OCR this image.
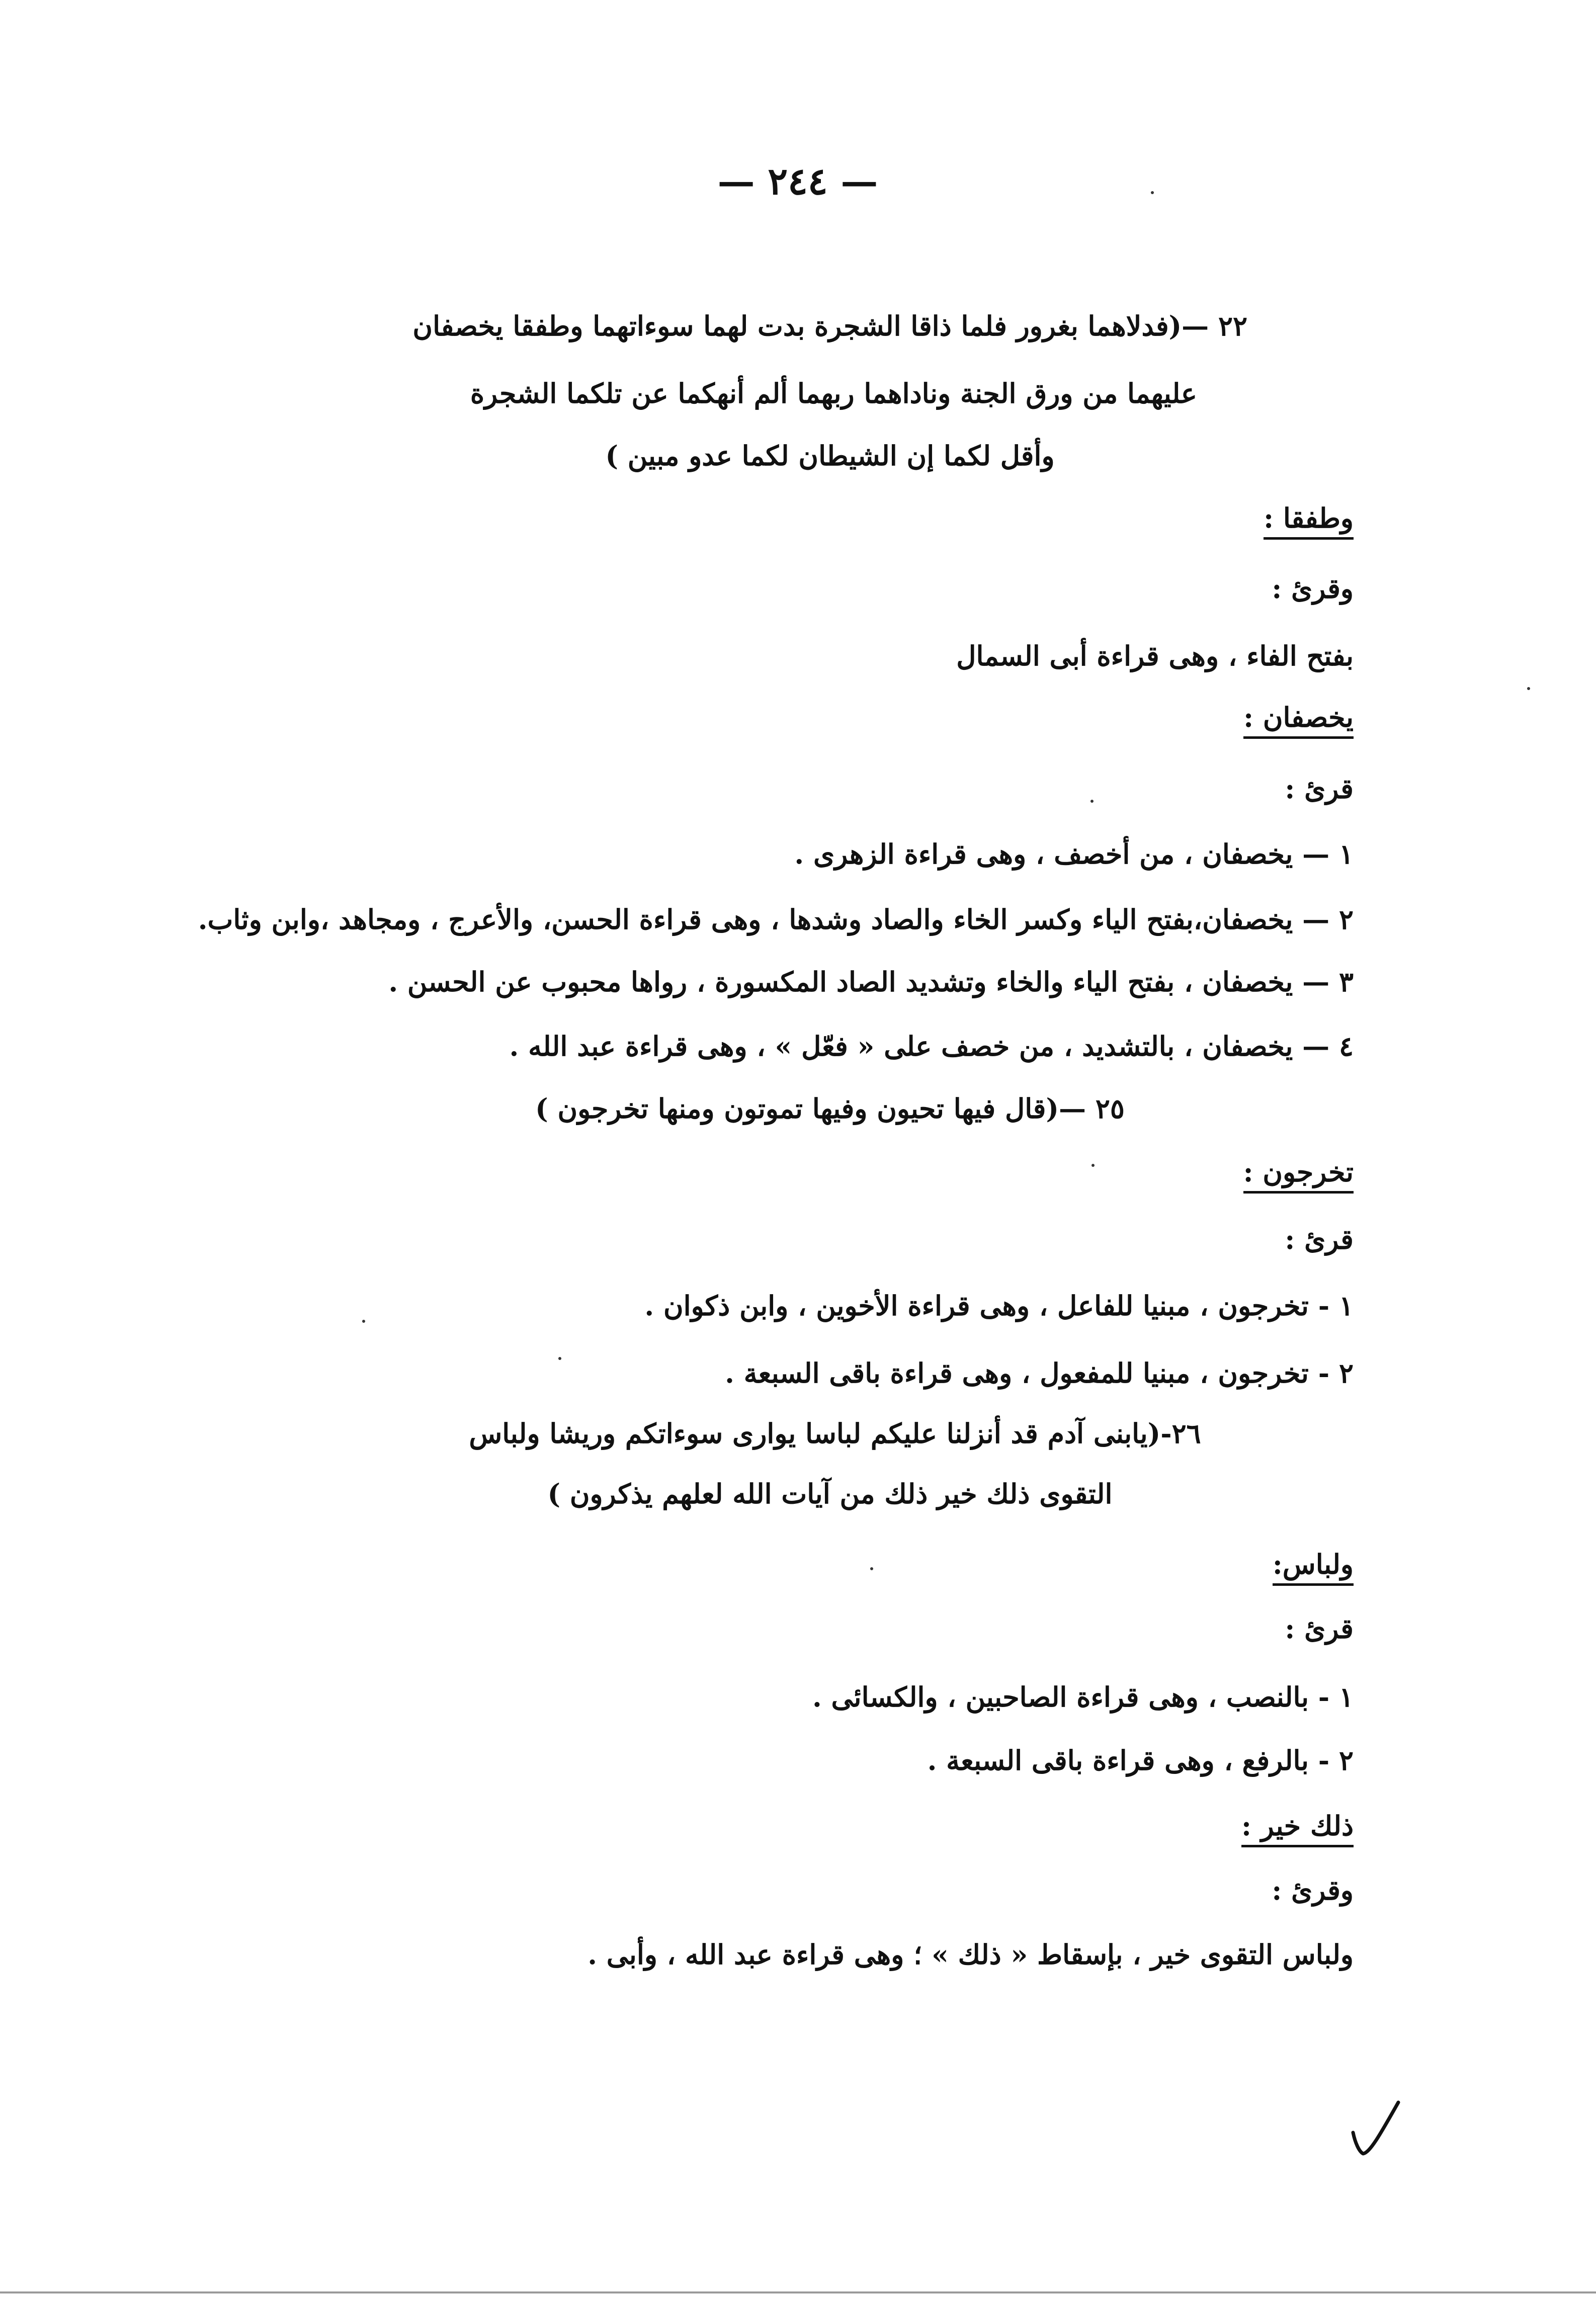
— ٢٤٤ —
٢٢ —(فدلاهما بغرور فلما ذاقا الشجرة بدت لهما سوءاتهما وطفقا يخصفان
عليهما من ورق الجنة وناداهما ربهما ألم أنهكما عن تلكما الشجرة
وأقل لكما إن الشيطان لكما عدو مبين )
وطفقا :
وقرئ :
بفتح الفاء ، وهى قراءة أبى السمال
يخصفان :
قرئ :
١ — يخصفان ، من أخصف ، وهى قراءة الزهرى .
٢ — يخصفان،بفتح الياء وكسر الخاء والصاد وشدها ، وهى قراءة الحسن، والأعرج ، ومجاهد ،وابن وثاب.
٣ — يخصفان ، بفتح الياء والخاء وتشديد الصاد المكسورة ، رواها محبوب عن الحسن .
٤ — يخصفان ، بالتشديد ، من خصف على « فعّل » ، وهى قراءة عبد الله .
٢٥ —(قال فيها تحيون وفيها تموتون ومنها تخرجون )
تخرجون :
قرئ :
١ - تخرجون ، مبنيا للفاعل ، وهى قراءة الأخوين ، وابن ذكوان .
٢ - تخرجون ، مبنيا للمفعول ، وهى قراءة باقى السبعة .
٢٦-(يابنى آدم قد أنزلنا عليكم لباسا يوارى سوءاتكم وريشا ولباس
التقوى ذلك خير ذلك من آيات الله لعلهم يذكرون )
ولباس:
قرئ :
١ - بالنصب ، وهى قراءة الصاحبين ، والكسائى .
٢ - بالرفع ، وهى قراءة باقى السبعة .
ذلك خير :
وقرئ :
ولباس التقوى خير ، بإسقاط « ذلك » ؛ وهى قراءة عبد الله ، وأبى .
